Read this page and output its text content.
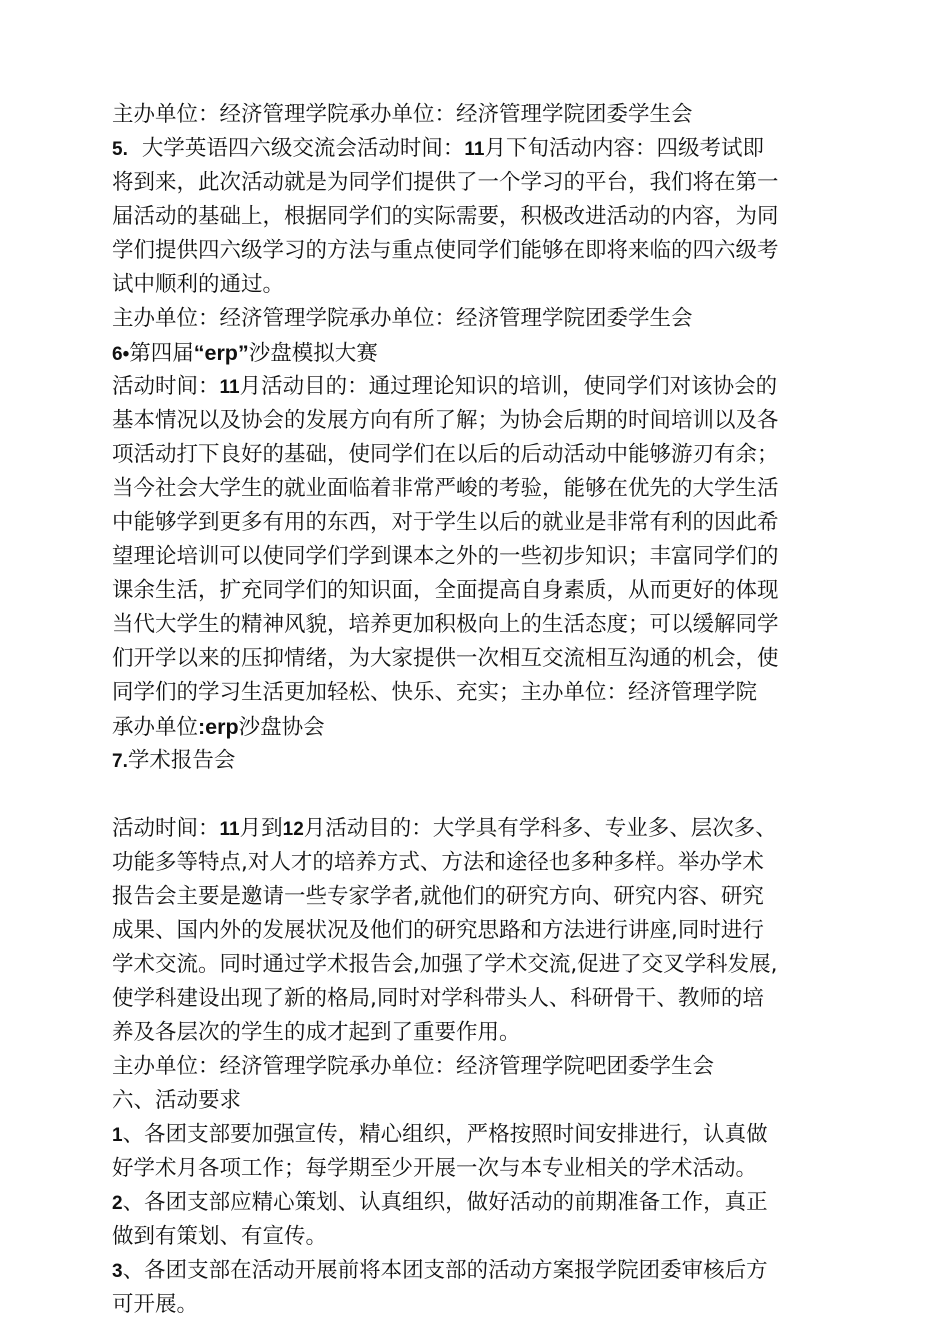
主办单位：经济管理学院承办单位：经济管理学院团委学生会
5. 大学英语四六级交流会活动时间：11月下旬活动内容：四级考试即
将到来，此次活动就是为同学们提供了一个学习的平台，我们将在第一
届活动的基础上，根据同学们的实际需要，积极改进活动的内容，为同
学们提供四六级学习的方法与重点使同学们能够在即将来临的四六级考
试中顺利的通过。
主办单位：经济管理学院承办单位：经济管理学院团委学生会
6•第四届“erp”沙盘模拟大赛
活动时间：11月活动目的：通过理论知识的培训，使同学们对该协会的
基本情况以及协会的发展方向有所了解；为协会后期的时间培训以及各
项活动打下良好的基础，使同学们在以后的后动活动中能够游刃有余；
当今社会大学生的就业面临着非常严峻的考验，能够在优先的大学生活
中能够学到更多有用的东西，对于学生以后的就业是非常有利的因此希
望理论培训可以使同学们学到课本之外的一些初步知识；丰富同学们的
课余生活，扩充同学们的知识面，全面提高自身素质，从而更好的体现
当代大学生的精神风貌，培养更加积极向上的生活态度；可以缓解同学
们开学以来的压抑情绪，为大家提供一次相互交流相互沟通的机会，使
同学们的学习生活更加轻松、快乐、充实；主办单位：经济管理学院
承办单位:erp沙盘协会
7.学术报告会
活动时间：11月到12月活动目的：大学具有学科多、专业多、层次多、
功能多等特点,对人才的培养方式、方法和途径也多种多样。举办学术
报告会主要是邀请一些专家学者,就他们的研究方向、研究内容、研究
成果、国内外的发展状况及他们的研究思路和方法进行讲座,同时进行
学术交流。同时通过学术报告会,加强了学术交流,促进了交叉学科发展,
使学科建设出现了新的格局,同时对学科带头人、科研骨干、教师的培
养及各层次的学生的成才起到了重要作用。
主办单位：经济管理学院承办单位：经济管理学院吧团委学生会
六、活动要求
1、各团支部要加强宣传，精心组织，严格按照时间安排进行，认真做
好学术月各项工作；每学期至少开展一次与本专业相关的学术活动。
2、各团支部应精心策划、认真组织，做好活动的前期准备工作，真正
做到有策划、有宣传。
3、各团支部在活动开展前将本团支部的活动方案报学院团委审核后方
可开展。
